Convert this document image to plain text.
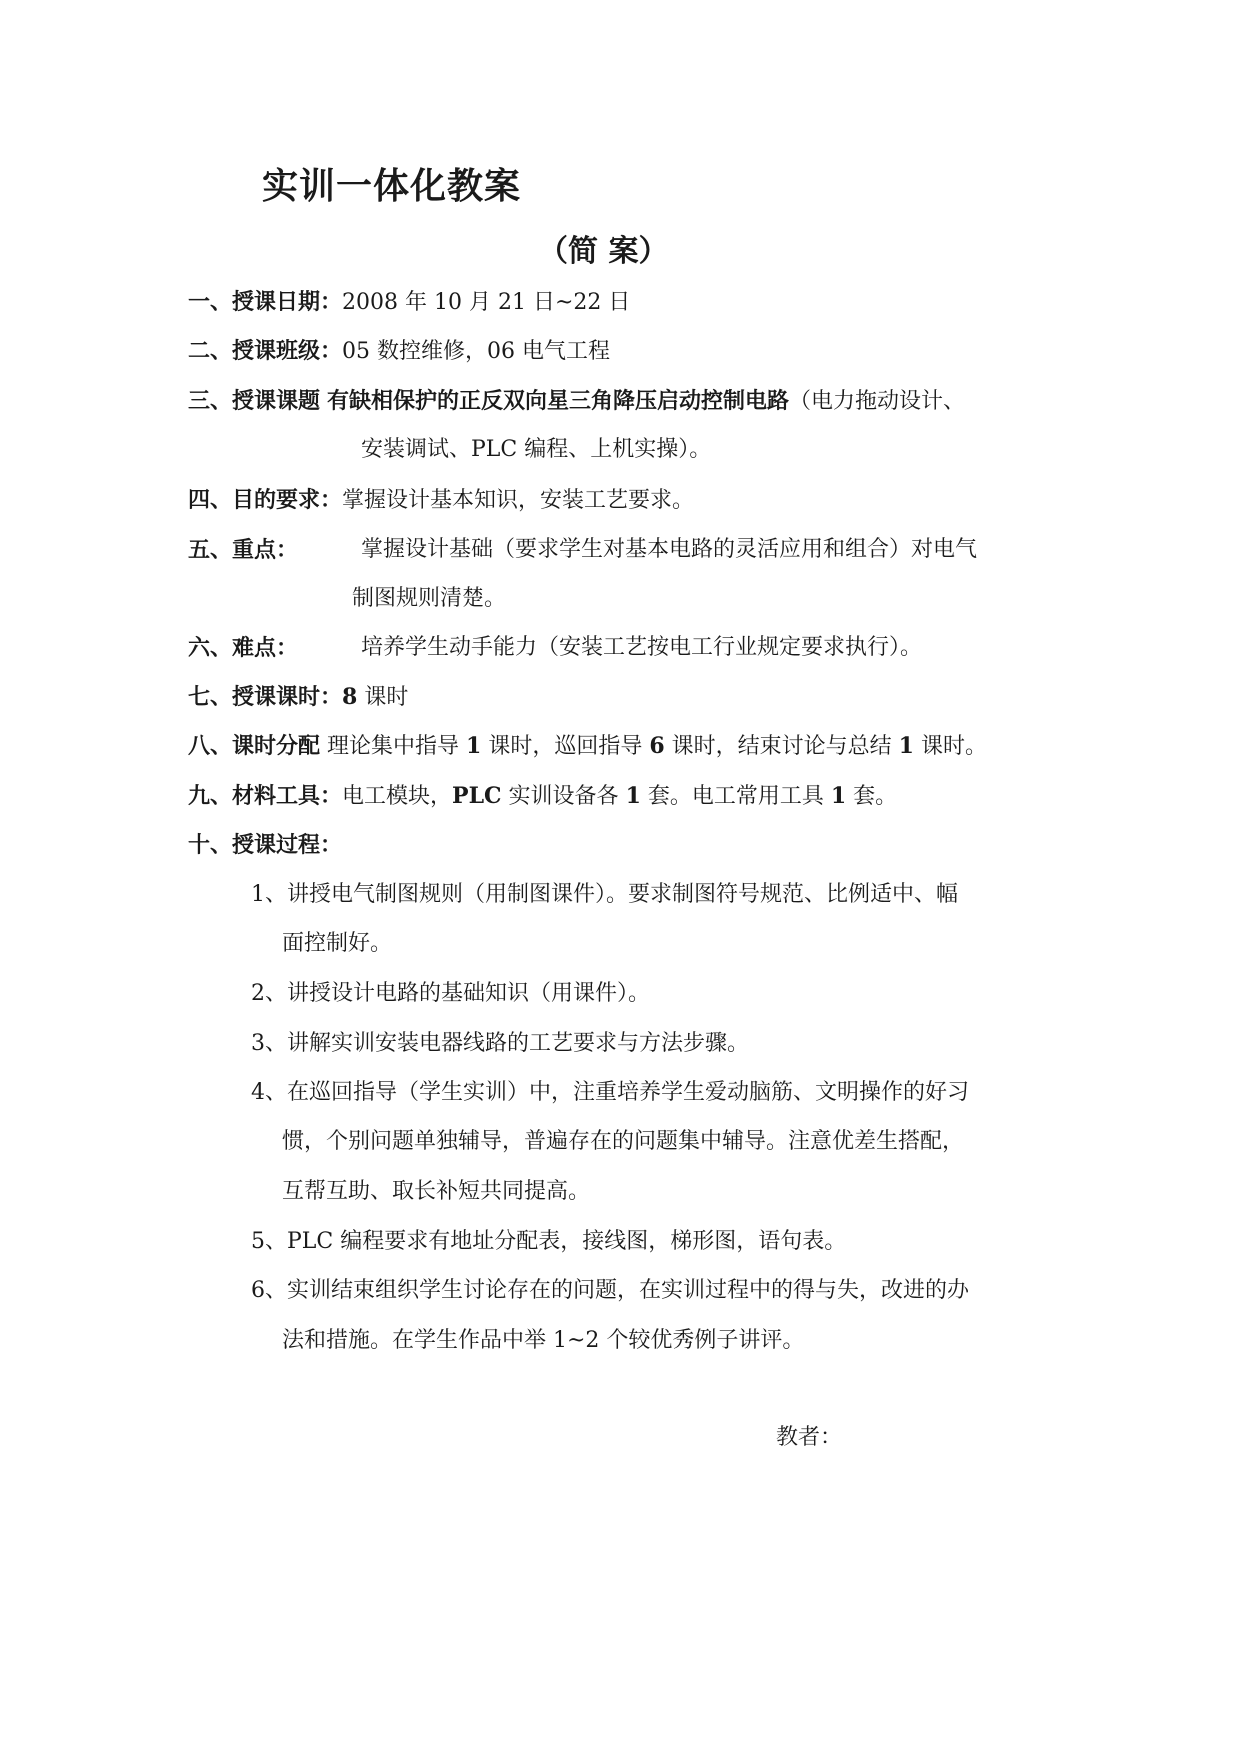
实训一体化教案
（简 案）
一、授课日期：2008 年 10 月 21 日~22 日
二、授课班级：05 数控维修，06 电气工程
三、授课课题 有缺相保护的正反双向星三角降压启动控制电路（电力拖动设计、
安装调试、PLC 编程、上机实操）。
四、目的要求：掌握设计基本知识，安装工艺要求。
五、重点：	掌握设计基础（要求学生对基本电路的灵活应用和组合）对电气
制图规则清楚。
六、难点：	培养学生动手能力（安装工艺按电工行业规定要求执行）。
七、授课课时：8 课时
八、课时分配 理论集中指导 1 课时，巡回指导 6 课时，结束讨论与总结 1 课时。
九、材料工具：电工模块，PLC 实训设备各 1 套。电工常用工具 1 套。
十、授课过程：
1、讲授电气制图规则（用制图课件）。要求制图符号规范、比例适中、幅
面控制好。
2、讲授设计电路的基础知识（用课件）。
3、讲解实训安装电器线路的工艺要求与方法步骤。
4、在巡回指导（学生实训）中，注重培养学生爱动脑筋、文明操作的好习
惯，个别问题单独辅导，普遍存在的问题集中辅导。注意优差生搭配，
互帮互助、取长补短共同提高。
5、PLC 编程要求有地址分配表，接线图，梯形图，语句表。
6、实训结束组织学生讨论存在的问题，在实训过程中的得与失，改进的办
法和措施。在学生作品中举 1~2 个较优秀例子讲评。
教者：
